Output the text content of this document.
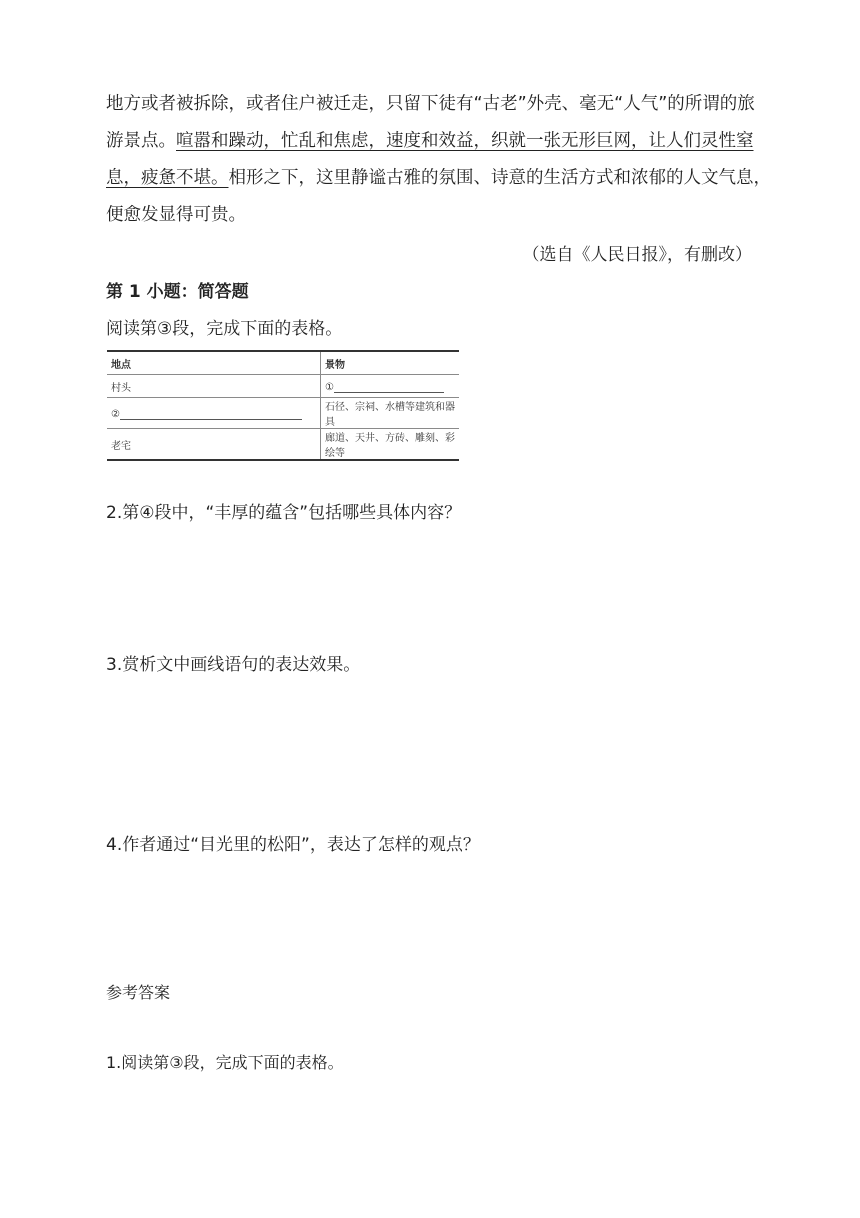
地方或者被拆除，或者住户被迁走，只留下徒有“古老”外壳、毫无“人气”的所谓的旅
游景点。喧嚣和躁动，忙乱和焦虑，速度和效益，织就一张无形巨网，让人们灵性窒
息，疲惫不堪。相形之下，这里静谧古雅的氛围、诗意的生活方式和浓郁的人文气息，
便愈发显得可贵。

（选自《人民日报》，有删改）
第 1 小题：简答题
阅读第③段，完成下面的表格。
地点	景物
村头	①
②	石径、宗祠、水槽等建筑和器具
老宅	廊道、天井、方砖、雕刻、彩绘等
2.第④段中，“丰厚的蕴含”包括哪些具体内容？
3.赏析文中画线语句的表达效果。
4.作者通过“目光里的松阳”，表达了怎样的观点？
参考答案
1.阅读第③段，完成下面的表格。
